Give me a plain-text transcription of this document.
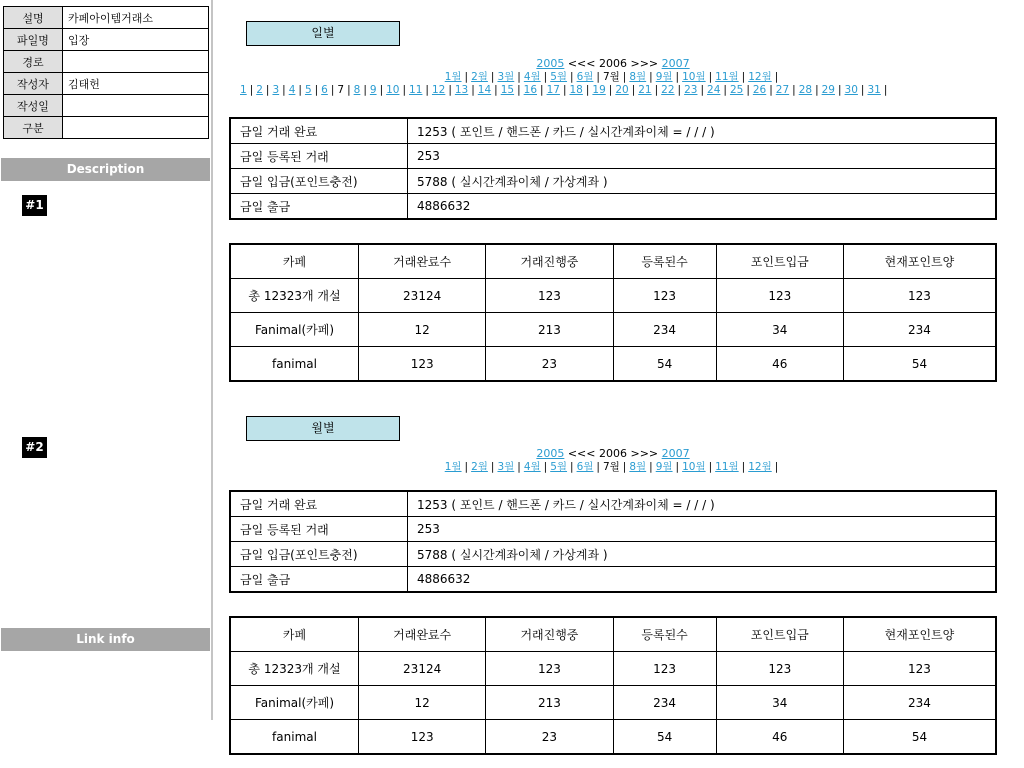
설명	카페아이템거래소
파일명	입장
경로	
작성자	김태헌
작성일	
구분	
Description
#1
#2
Link info
일별
2005 <<< 2006 >>> 2007
1월 | 2월 | 3월 | 4월 | 5월 | 6월 | 7월 | 8월 | 9월 | 10월 | 11월 | 12월 |
1 | 2 | 3 | 4 | 5 | 6 | 7 | 8 | 9 | 10 | 11 | 12 | 13 | 14 | 15 | 16 | 17 | 18 | 19 | 20 | 21 | 22 | 23 | 24 | 25 | 26 | 27 | 28 | 29 | 30 | 31 |
금일 거래 완료	1253 ( 포인트 / 핸드폰 / 카드 / 실시간계좌이체 = / / / )
금일 등록된 거래	253
금일 입금(포인트충전)	5788 ( 실시간계좌이체 / 가상계좌 )
금일 출금	4886632
카페	거래완료수	거래진행중	등록된수	포인트입금	현재포인트양
총 12323개 개설	23124	123	123	123	123
Fanimal(카페)	12	213	234	34	234
fanimal	123	23	54	46	54
월별
2005 <<< 2006 >>> 2007
1월 | 2월 | 3월 | 4월 | 5월 | 6월 | 7월 | 8월 | 9월 | 10월 | 11월 | 12월 |
금일 거래 완료	1253 ( 포인트 / 핸드폰 / 카드 / 실시간계좌이체 = / / / )
금일 등록된 거래	253
금일 입금(포인트충전)	5788 ( 실시간계좌이체 / 가상계좌 )
금일 출금	4886632
카페	거래완료수	거래진행중	등록된수	포인트입금	현재포인트양
총 12323개 개설	23124	123	123	123	123
Fanimal(카페)	12	213	234	34	234
fanimal	123	23	54	46	54
